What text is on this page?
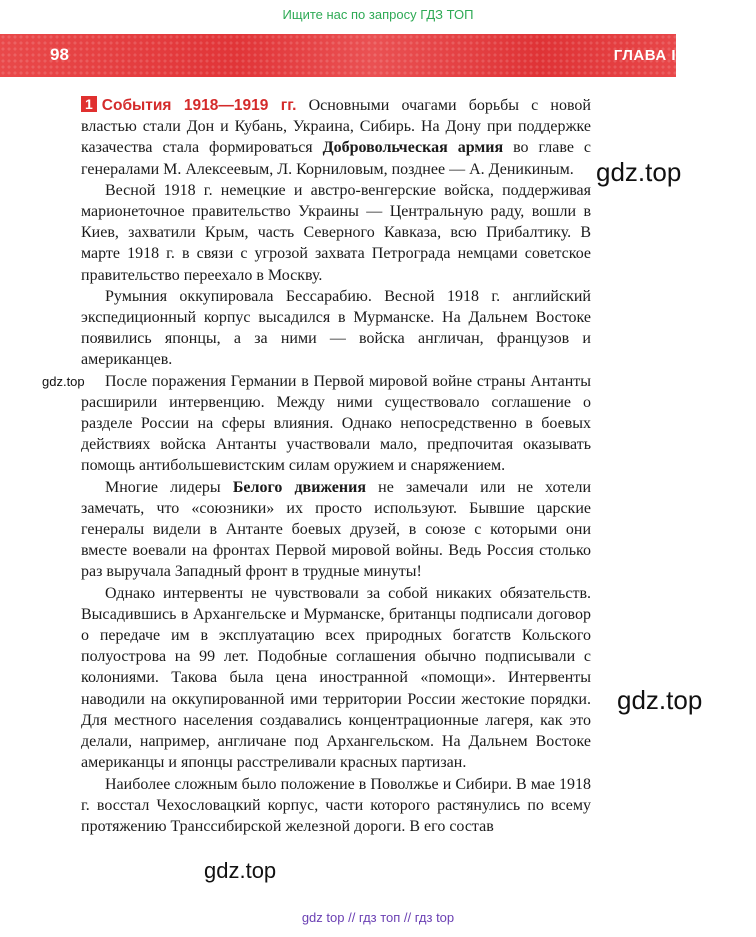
Ищите нас по запросу ГДЗ ТОП
98	ГЛАВА I

1 События 1918—1919 гг. Основными очагами борьбы с новой властью стали Дон и Кубань, Украина, Сибирь. На Дону при поддержке казачества стала формироваться Добровольческая армия во главе с генералами М. Алексеевым, Л. Корниловым, позднее — А. Деникиным.

Весной 1918 г. немецкие и австро-венгерские войска, поддерживая марионеточное правительство Украины — Центральную раду, вошли в Киев, захватили Крым, часть Северного Кавказа, всю Прибалтику. В марте 1918 г. в связи с угрозой захвата Петрограда немцами советское правительство переехало в Москву.

Румыния оккупировала Бессарабию. Весной 1918 г. английский экспедиционный корпус высадился в Мурманске. На Дальнем Востоке появились японцы, а за ними — войска англичан, французов и американцев.

После поражения Германии в Первой мировой войне страны Антанты расширили интервенцию. Между ними существовало соглашение о разделе России на сферы влияния. Однако непосредственно в боевых действиях войска Антанты участвовали мало, предпочитая оказывать помощь антибольшевистским силам оружием и снаряжением.

Многие лидеры Белого движения не замечали или не хотели замечать, что «союзники» их просто используют. Бывшие царские генералы видели в Антанте боевых друзей, в союзе с которыми они вместе воевали на фронтах Первой мировой войны. Ведь Россия столько раз выручала Западный фронт в трудные минуты!

Однако интервенты не чувствовали за собой никаких обязательств. Высадившись в Архангельске и Мурманске, британцы подписали договор о передаче им в эксплуатацию всех природных богатств Кольского полуострова на 99 лет. Подобные соглашения обычно подписывали с колониями. Такова была цена иностранной «помощи». Интервенты наводили на оккупированной ими территории России жестокие порядки. Для местного населения создавались концентрационные лагеря, как это делали, например, англичане под Архангельском. На Дальнем Востоке американцы и японцы расстреливали красных партизан.

Наиболее сложным было положение в Поволжье и Сибири. В мае 1918 г. восстал Чехословацкий корпус, части которого растянулись по всему протяжению Транссибирской железной дороги. В его состав

gdz.top
gdz.top
gdz.top
gdz.top
gdz top // гдз топ // гдз top
